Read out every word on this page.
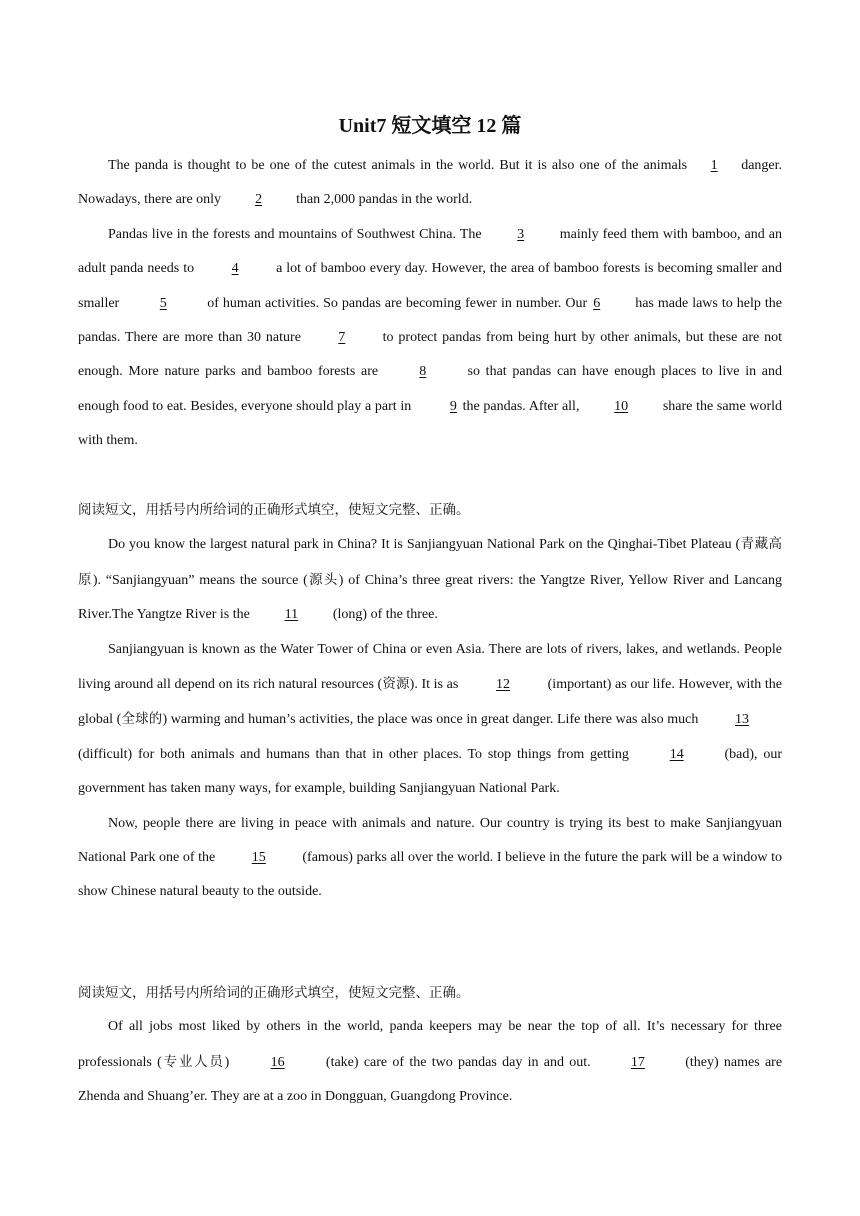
Unit7 短文填空 12 篇

The panda is thought to be one of the cutest animals in the world. But it is also one of the animals 1 danger. Nowadays, there are only 2 than 2,000 pandas in the world.

Pandas live in the forests and mountains of Southwest China. The	3	mainly feed them with bamboo, and an adult panda needs to	4	a lot of bamboo every day. However, the area of bamboo forests is becoming smaller and smaller	5	of human activities. So pandas are becoming fewer in number. Our 6	has made laws to help the pandas. There are more than 30 nature	7	to protect pandas from being hurt by other animals, but these are not enough. More nature parks and bamboo forests are	8	so that pandas can have enough places to live in and enough food to eat. Besides, everyone should play a part in	9 the pandas. After all, 10 share the same world with them.

阅读短文，用括号内所给词的正确形式填空，使短文完整、正确。

Do you know the largest natural park in China? It is Sanjiangyuan National Park on the Qinghai-Tibet Plateau (青藏高原). “Sanjiangyuan” means the source (源头) of China’s three great rivers: the Yangtze River, Yellow River and Lancang River.The Yangtze River is the 11 (long) of the three.

Sanjiangyuan is known as the Water Tower of China or even Asia. There are lots of rivers, lakes, and wetlands. People living around all depend on its rich natural resources (资源). It is as	12	(important) as our life. However, with the global (全球的) warming and human’s activities, the place was once in great danger. Life there was also much	13 (difficult) for both animals and humans than that in other places. To stop things from getting	14	(bad), our government has taken many ways, for example, building Sanjiangyuan National Park.

Now, people there are living in peace with animals and nature. Our country is trying its best to make Sanjiangyuan National Park one of the	15	(famous) parks all over the world. I believe in the future the park will be a window to show Chinese natural beauty to the outside.

阅读短文，用括号内所给词的正确形式填空，使短文完整、正确。

Of all jobs most liked by others in the world, panda keepers may be near the top of all. It’s necessary for three professionals (专业人员)	16	(take) care of the two pandas day in and out.	17	(they) names are Zhenda and Shuang’er. They are at a zoo in Dongguan, Guangdong Province.
